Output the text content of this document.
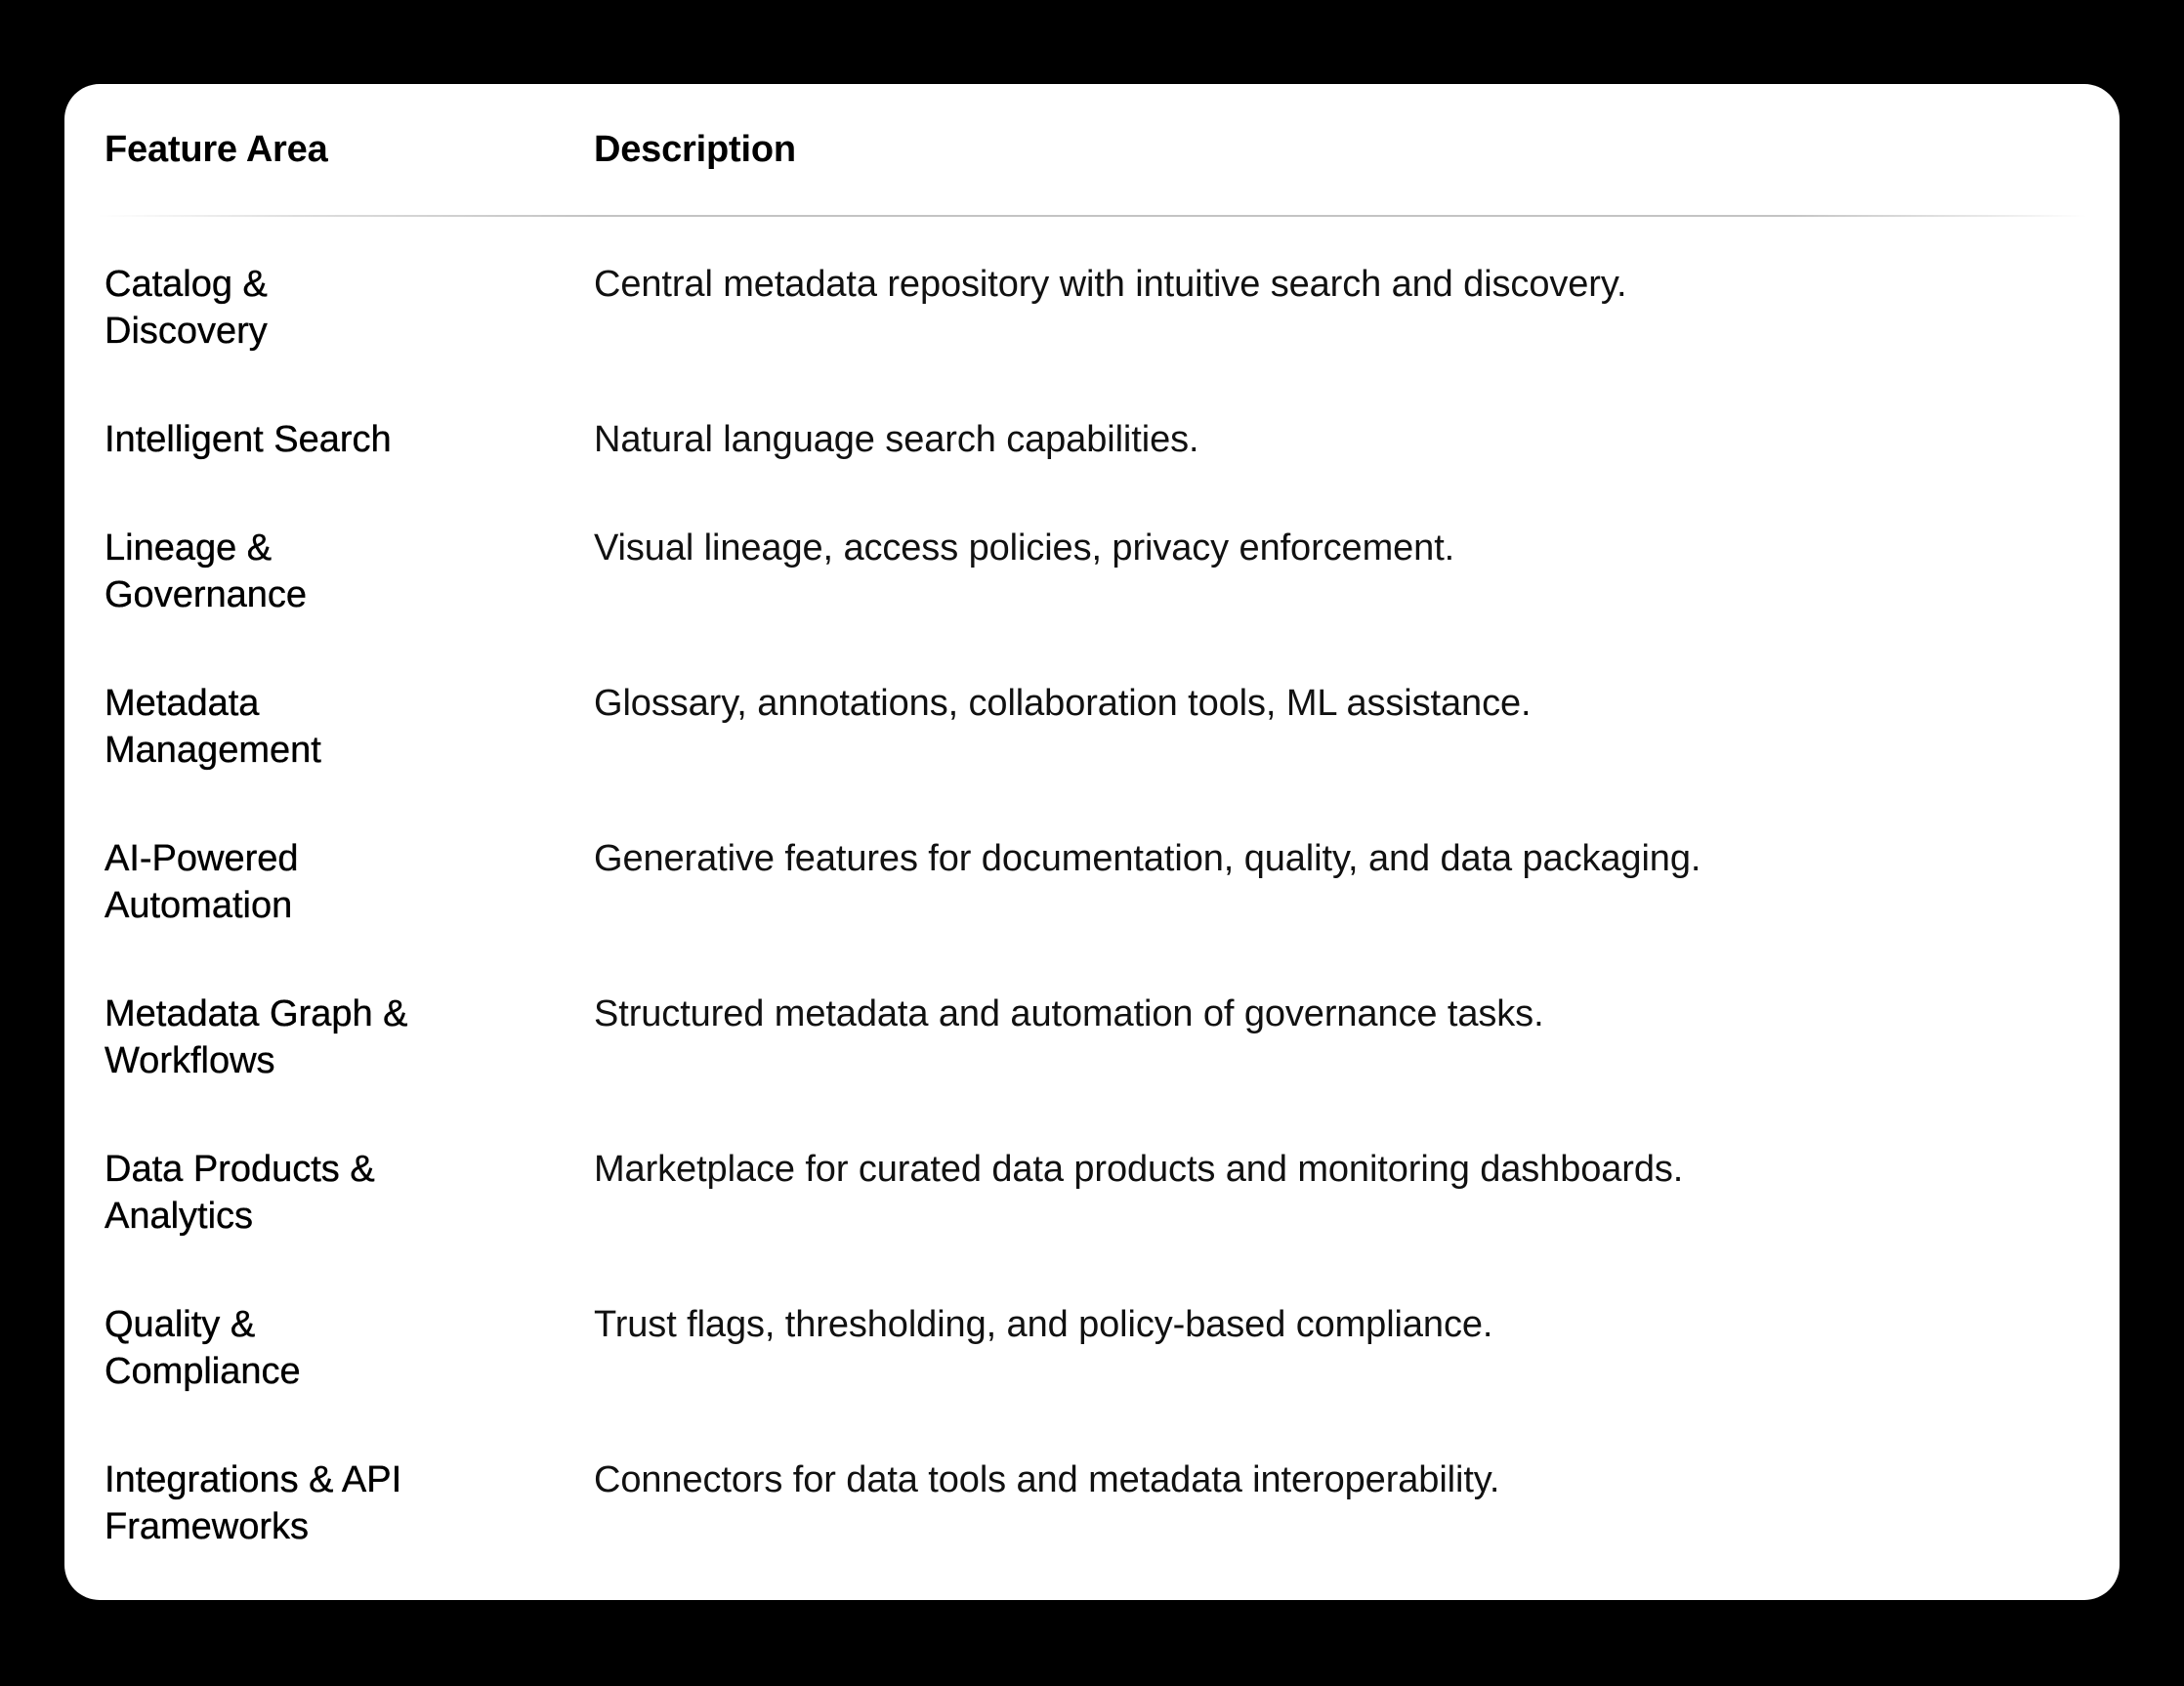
Feature Area	Description
Catalog &
Discovery
Central metadata repository with intuitive search and discovery.
Intelligent Search	Natural language search capabilities.
Lineage &
Governance
Visual lineage, access policies, privacy enforcement.
Metadata
Management
Glossary, annotations, collaboration tools, ML assistance.
AI-Powered
Automation
Generative features for documentation, quality, and data packaging.
Metadata Graph &
Workflows
Structured metadata and automation of governance tasks.
Data Products &
Analytics
Marketplace for curated data products and monitoring dashboards.
Quality &
Compliance
Trust flags, thresholding, and policy-based compliance.
Integrations & API
Frameworks
Connectors for data tools and metadata interoperability.
